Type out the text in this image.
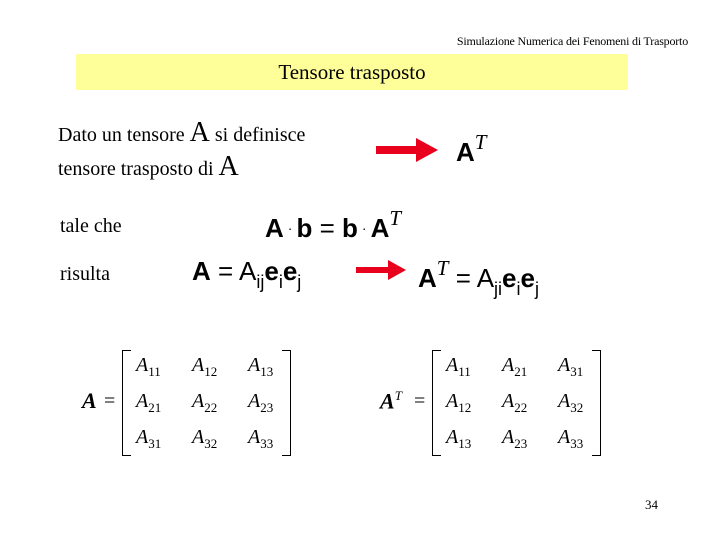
Simulazione Numerica dei Fenomeni di Trasporto
Tensore trasposto
Dato un tensore A si definisce
tensore trasposto di A	$A^T$
tale che	$A \cdot b = b \cdot A^T$
risulta	$A = A_{ij}e_ie_j$	$A^T = A_{ji}e_ie_j$
A =
$A_{11}$ $A_{12}$ $A_{13}$
$A_{21}$ $A_{22}$ $A_{23}$
$A_{31}$ $A_{32}$ $A_{33}$
$A^T$ =
$A_{11}$ $A_{21}$ $A_{31}$
$A_{12}$ $A_{22}$ $A_{32}$
$A_{13}$ $A_{23}$ $A_{33}$
34
